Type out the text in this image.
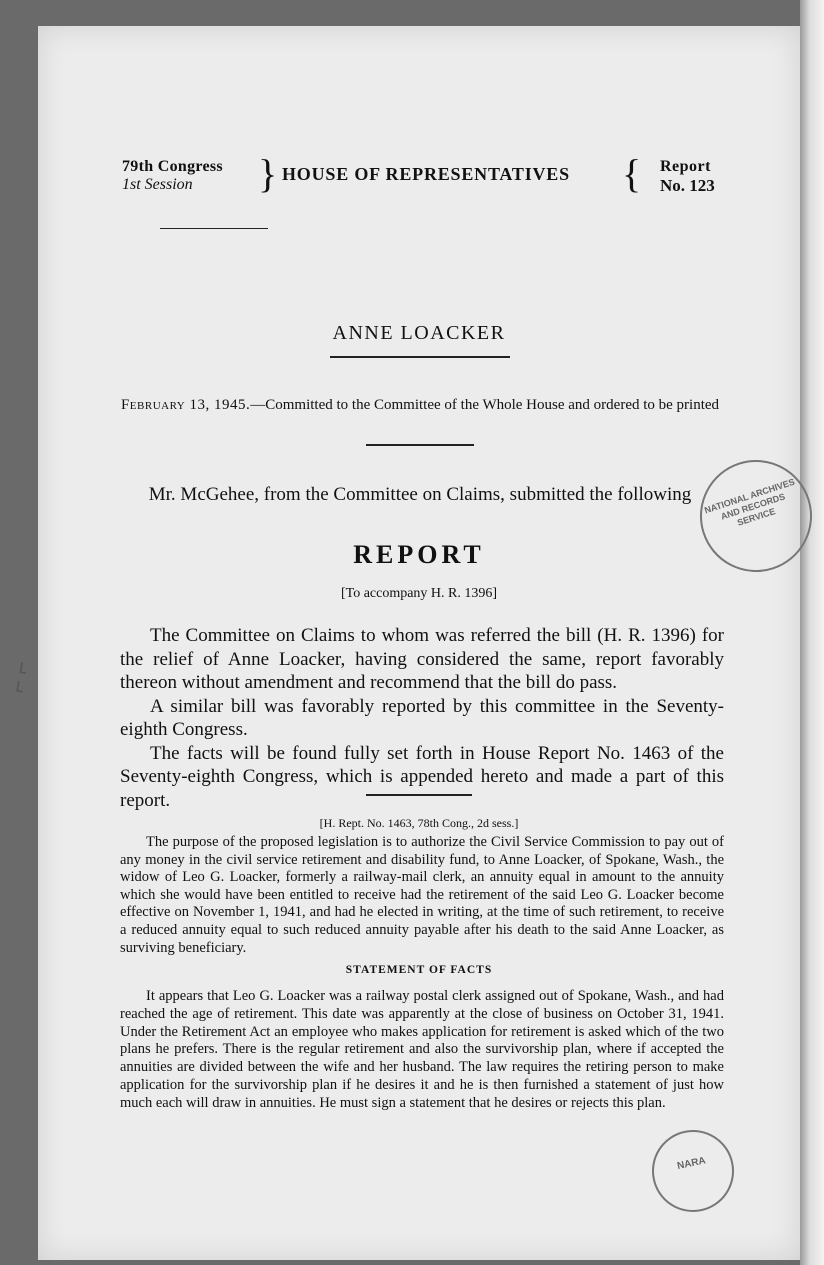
79th Congress
1st Session	} HOUSE OF REPRESENTATIVES { Report
No. 123
ANNE LOACKER
February 13, 1945.—Committed to the Committee of the Whole House and ordered to be printed
Mr. McGehee, from the Committee on Claims, submitted the following
REPORT
[To accompany H. R. 1396]

The Committee on Claims to whom was referred the bill (H. R. 1396) for the relief of Anne Loacker, having considered the same, report favorably thereon without amendment and recommend that the bill do pass.

A similar bill was favorably reported by this committee in the Seventy-eighth Congress.

The facts will be found fully set forth in House Report No. 1463 of the Seventy-eighth Congress, which is appended hereto and made a part of this report.

[H. Rept. No. 1463, 78th Cong., 2d sess.]

The purpose of the proposed legislation is to authorize the Civil Service Commission to pay out of any money in the civil service retirement and disability fund, to Anne Loacker, of Spokane, Wash., the widow of Leo G. Loacker, formerly a railway-mail clerk, an annuity equal in amount to the annuity which she would have been entitled to receive had the retirement of the said Leo G. Loacker become effective on November 1, 1941, and had he elected in writing, at the time of such retirement, to receive a reduced annuity equal to such reduced annuity payable after his death to the said Anne Loacker, as surviving beneficiary.

STATEMENT OF FACTS

It appears that Leo G. Loacker was a railway postal clerk assigned out of Spokane, Wash., and had reached the age of retirement. This date was apparently at the close of business on October 31, 1941. Under the Retirement Act an employee who makes application for retirement is asked which of the two plans he prefers. There is the regular retirement and also the survivorship plan, where if accepted the annuities are divided between the wife and her husband. The law requires the retiring person to make application for the survivorship plan if he desires it and he is then furnished a statement of just how much each will draw in annuities. He must sign a statement that he desires or rejects this plan.

NATIONAL ARCHIVES AND RECORDS SERVICE
NARA
⌐ ⌐
